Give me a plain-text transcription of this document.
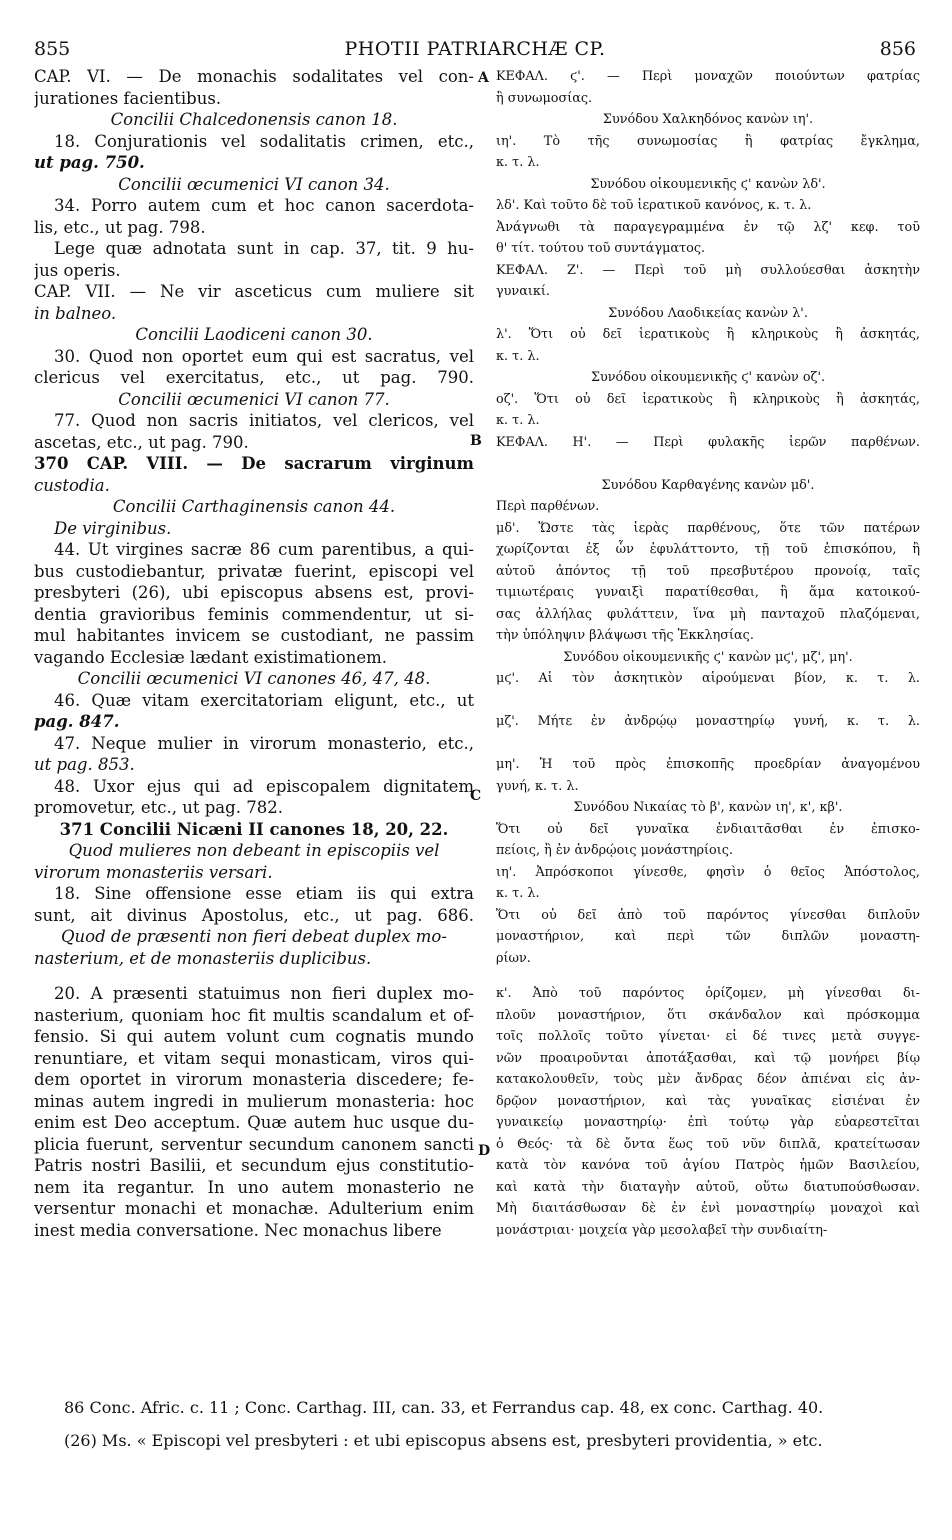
855	PHOTII PATRIARCHÆ CP.	856
CAP. VI. — De monachis sodalitates vel con-
jurationes facientibus.
Concilii Chalcedonensis canon 18.
18. Conjurationis vel sodalitatis crimen, etc.,
ut pag. 750.
Concilii œcumenici VI canon 34.
34. Porro autem cum et hoc canon sacerdota-
lis, etc., ut pag. 798.
Lege quæ adnotata sunt in cap. 37, tit. 9 hu-
jus operis.
CAP. VII. — Ne vir asceticus cum muliere sit
in balneo.
Concilii Laodiceni canon 30.
30. Quod non oportet eum qui est sacratus, vel
clericus vel exercitatus, etc., ut pag. 790.
Concilii œcumenici VI canon 77.
77. Quod non sacris initiatos, vel clericos, vel
ascetas, etc., ut pag. 790.
370 CAP. VIII. — De sacrarum virginum
custodia.
Concilii Carthaginensis canon 44.
De virginibus.
44. Ut virgines sacræ 86 cum parentibus, a qui-
bus custodiebantur, privatæ fuerint, episcopi vel
presbyteri (26), ubi episcopus absens est, provi-
dentia gravioribus feminis commendentur, ut si-
mul habitantes invicem se custodiant, ne passim
vagando Ecclesiæ lædant existimationem.
Concilii œcumenici VI canones 46, 47, 48.
46. Quæ vitam exercitatoriam eligunt, etc., ut
pag. 847.
47. Neque mulier in virorum monasterio, etc.,
ut pag. 853.
48. Uxor ejus qui ad episcopalem dignitatem
promovetur, etc., ut pag. 782.
371 Concilii Nicæni II canones 18, 20, 22.
Quod mulieres non debeant in episcopiis vel
virorum monasteriis versari.
18. Sine offensione esse etiam iis qui extra
sunt, ait divinus Apostolus, etc., ut pag. 686.
Quod de præsenti non fieri debeat duplex mo-
nasterium, et de monasteriis duplicibus.
20. A præsenti statuimus non fieri duplex mo-
nasterium, quoniam hoc fit multis scandalum et of-
fensio. Si qui autem volunt cum cognatis mundo
renuntiare, et vitam sequi monasticam, viros qui-
dem oportet in virorum monasteria discedere; fe-
minas autem ingredi in mulierum monasteria: hoc
enim est Deo acceptum. Quæ autem huc usque du-
plicia fuerunt, serventur secundum canonem sancti
Patris nostri Basilii, et secundum ejus constitutio-
nem ita regantur. In uno autem monasterio ne
versentur monachi et monachæ. Adulterium enim
inest media conversatione. Nec monachus libere
ΚΕΦΑΛ. ϛ'. — Περὶ μοναχῶν ποιούντων φατρίας
ἢ συνωμοσίας.
Συνόδου Χαλκηδόνος κανὼν ιη'.
ιη'. Τὸ τῆς συνωμοσίας ἢ φατρίας ἔγκλημα,
κ. τ. λ.
Συνόδου οἰκουμενικῆς ϛ' κανὼν λδ'.
λδ'. Καὶ τοῦτο δὲ τοῦ ἱερατικοῦ κανόνος, κ. τ. λ.
Ἀνάγνωθι τὰ παραγεγραμμένα ἐν τῷ λζ' κεφ. τοῦ
θ' τίτ. τούτου τοῦ συντάγματος.
ΚΕΦΑΛ. Ζ'. — Περὶ τοῦ μὴ συλλούεσθαι ἀσκητὴν
γυναικί.
Συνόδου Λαοδικείας κανὼν λ'.
λ'. Ὅτι οὐ δεῖ ἱερατικοὺς ἢ κληρικοὺς ἢ ἀσκητάς,
κ. τ. λ.
Συνόδου οἰκουμενικῆς ϛ' κανὼν οζ'.
οζ'. Ὅτι οὐ δεῖ ἱερατικοὺς ἢ κληρικοὺς ἢ ἀσκητάς,
κ. τ. λ.
ΚΕΦΑΛ. Η'. — Περὶ φυλακῆς ἱερῶν παρθένων.
Συνόδου Καρθαγένης κανὼν μδ'.
Περὶ παρθένων.
μδ'. Ὥστε τὰς ἱερὰς παρθένους, ὅτε τῶν πατέρων
χωρίζονται ἐξ ὧν ἐφυλάττοντο, τῇ τοῦ ἐπισκόπου, ἢ
αὐτοῦ ἀπόντος τῇ τοῦ πρεσβυτέρου προνοίᾳ, ταῖς
τιμιωτέραις γυναιξὶ παρατίθεσθαι, ἢ ἅμα κατοικού-
σας ἀλλήλας φυλάττειν, ἵνα μὴ πανταχοῦ πλαζόμεναι,
τὴν ὑπόληψιν βλάψωσι τῆς Ἐκκλησίας.
Συνόδου οἰκουμενικῆς ϛ' κανὼν μϛ', μζ', μη'.
μϛ'. Αἱ τὸν ἀσκητικὸν αἱρούμεναι βίον, κ. τ. λ.
μζ'. Μήτε ἐν ἀνδρῴῳ μοναστηρίῳ γυνή, κ. τ. λ.
μη'. Ἡ τοῦ πρὸς ἐπισκοπῆς προεδρίαν ἀναγομένου
γυνή, κ. τ. λ.
Συνόδου Νικαίας τὸ β', κανὼν ιη', κ', κβ'.
Ὅτι οὐ δεῖ γυναῖκα ἐνδιαιτᾶσθαι ἐν ἐπισκο-
πείοις, ἢ ἐν ἀνδρῴοις μονάστηρίοις.
ιη'. Ἀπρόσκοποι γίνεσθε, φησὶν ὁ θεῖος Ἀπόστολος,
κ. τ. λ.
Ὅτι οὐ δεῖ ἀπὸ τοῦ παρόντος γίνεσθαι διπλοῦν
μοναστήριον, καὶ περὶ τῶν διπλῶν μοναστη-
ρίων.
κ'. Ἀπὸ τοῦ παρόντος ὁρίζομεν, μὴ γίνεσθαι δι-
πλοῦν μοναστήριον, ὅτι σκάνδαλον καὶ πρόσκομμα
τοῖς πολλοῖς τοῦτο γίνεται· εἰ δέ τινες μετὰ συγγε-
νῶν προαιροῦνται ἀποτάξασθαι, καὶ τῷ μονήρει βίῳ
κατακολουθεῖν, τοὺς μὲν ἄνδρας δέον ἀπιέναι εἰς ἀν-
δρῷον μοναστήριον, καὶ τὰς γυναῖκας εἰσιέναι ἐν
γυναικείῳ μοναστηρίῳ· ἐπὶ τούτῳ γὰρ εὐαρεστεῖται
ὁ Θεός· τὰ δὲ ὄντα ἕως τοῦ νῦν διπλᾶ, κρατείτωσαν
κατὰ τὸν κανόνα τοῦ ἁγίου Πατρὸς ἡμῶν Βασιλείου,
καὶ κατὰ τὴν διαταγὴν αὐτοῦ, οὕτω διατυπούσθωσαν.
Μὴ διαιτάσθωσαν δὲ ἐν ἑνὶ μοναστηρίῳ μοναχοὶ καὶ
μονάστριαι· μοιχεία γὰρ μεσολαβεῖ τὴν συνδιαίτη-
A
B
C
D
86 Conc. Afric. c. 11 ; Conc. Carthag. III, can. 33, et Ferrandus cap. 48, ex conc. Carthag. 40.
(26) Ms. « Episcopi vel presbyteri : et ubi episcopus absens est, presbyteri providentia, » etc.
